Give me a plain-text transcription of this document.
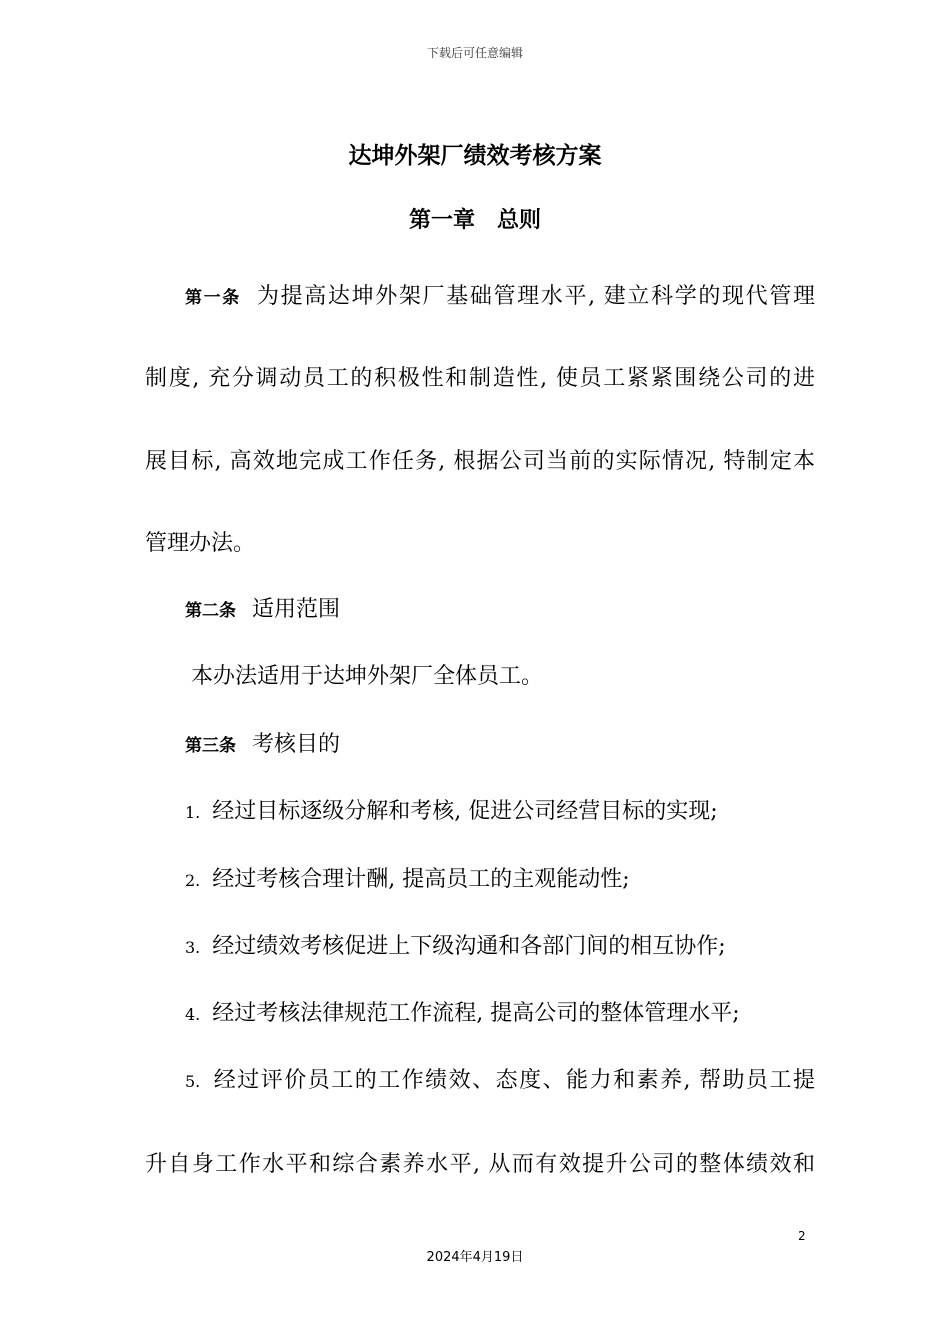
下载后可任意编辑
达坤外架厂绩效考核方案
第一章　总则
第一条 为提高达坤外架厂基础管理水平, 建立科学的现代管理
制度, 充分调动员工的积极性和制造性, 使员工紧紧围绕公司的进
展目标, 高效地完成工作任务, 根据公司当前的实际情况, 特制定本
管理办法。
第二条 适用范围
本办法适用于达坤外架厂全体员工。
第三条 考核目的
1. 经过目标逐级分解和考核, 促进公司经营目标的实现;
2. 经过考核合理计酬, 提高员工的主观能动性;
3. 经过绩效考核促进上下级沟通和各部门间的相互协作;
4. 经过考核法律规范工作流程, 提高公司的整体管理水平;
5. 经过评价员工的工作绩效、态度、能力和素养, 帮助员工提
升自身工作水平和综合素养水平, 从而有效提升公司的整体绩效和
2
2024年4月19日
